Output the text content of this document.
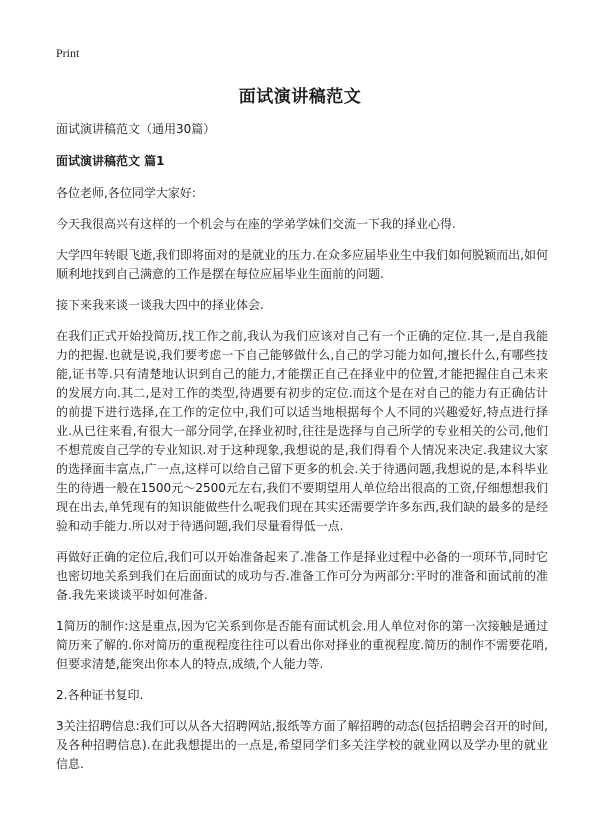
Print
面试演讲稿范文

面试演讲稿范文（通用30篇）

面试演讲稿范文 篇1

各位老师,各位同学大家好:

今天我很高兴有这样的一个机会与在座的学弟学妹们交流一下我的择业心得.

大学四年转眼飞逝,我们即将面对的是就业的压力.在众多应届毕业生中我们如何脱颖而出,如何顺利地找到自己满意的工作是摆在每位应届毕业生面前的问题.

接下来我来谈一谈我大四中的择业体会.

在我们正式开始投简历,找工作之前,我认为我们应该对自己有一个正确的定位.其一,是自我能力的把握.也就是说,我们要考虑一下自己能够做什么,自己的学习能力如何,擅长什么,有哪些技能,证书等.只有清楚地认识到自己的能力,才能摆正自己在择业中的位置,才能把握住自己未来的发展方向.其二,是对工作的类型,待遇要有初步的定位.而这个是在对自己的能力有正确估计的前提下进行选择,在工作的定位中,我们可以适当地根据每个人不同的兴趣爱好,特点进行择业.从已往来看,有很大一部分同学,在择业初时,往往是选择与自己所学的专业相关的公司,他们不想荒废自己学的专业知识.对于这种现象,我想说的是,我们得看个人情况来决定.我建议大家的选择面丰富点,广一点,这样可以给自己留下更多的机会.关于待遇问题,我想说的是,本科毕业生的待遇一般在1500元～2500元左右,我们不要期望用人单位给出很高的工资,仔细想想我们现在出去,单凭现有的知识能做些什么呢我们现在其实还需要学许多东西,我们缺的最多的是经验和动手能力.所以对于待遇问题,我们尽量看得低一点.

再做好正确的定位后,我们可以开始准备起来了.准备工作是择业过程中必备的一项环节,同时它也密切地关系到我们在后面面试的成功与否.准备工作可分为两部分:平时的准备和面试前的准备.我先来谈谈平时如何准备.

1简历的制作:这是重点,因为它关系到你是否能有面试机会.用人单位对你的第一次接触是通过简历来了解的.你对简历的重视程度往往可以看出你对择业的重视程度.简历的制作不需要花哨,但要求清楚,能突出你本人的特点,成绩,个人能力等.

2.各种证书复印.

3关注招聘信息:我们可以从各大招聘网站,报纸等方面了解招聘的动态(包括招聘会召开的时间,及各种招聘信息).在此我想提出的一点是,希望同学们多关注学校的就业网以及学办里的就业信息.
